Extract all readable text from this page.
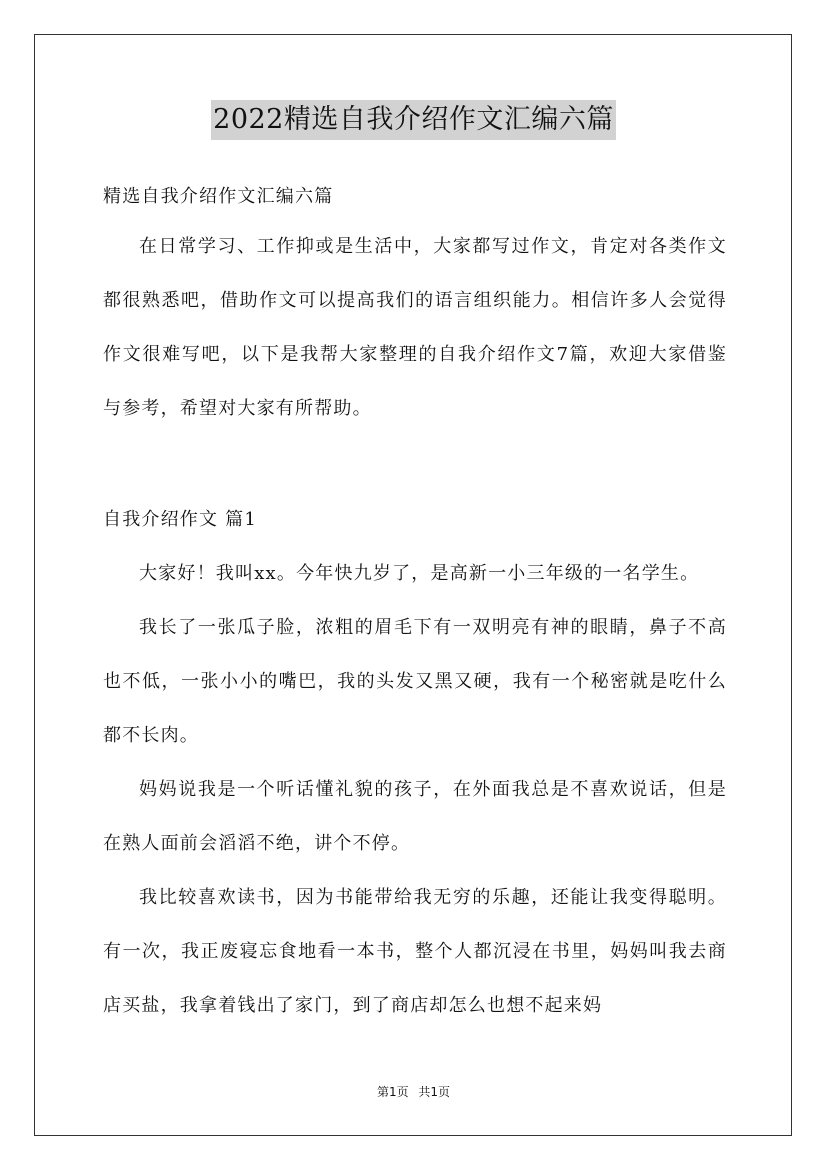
2022精选自我介绍作文汇编六篇

精选自我介绍作文汇编六篇

在日常学习、工作抑或是生活中，大家都写过作文，肯定对各类作文都很熟悉吧，借助作文可以提高我们的语言组织能力。相信许多人会觉得作文很难写吧，以下是我帮大家整理的自我介绍作文7篇，欢迎大家借鉴与参考，希望对大家有所帮助。

自我介绍作文 篇1

大家好！我叫xx。今年快九岁了，是高新一小三年级的一名学生。

我长了一张瓜子脸，浓粗的眉毛下有一双明亮有神的眼睛，鼻子不高也不低，一张小小的嘴巴，我的头发又黑又硬，我有一个秘密就是吃什么都不长肉。

妈妈说我是一个听话懂礼貌的孩子，在外面我总是不喜欢说话，但是在熟人面前会滔滔不绝，讲个不停。

我比较喜欢读书，因为书能带给我无穷的乐趣，还能让我变得聪明。有一次，我正废寝忘食地看一本书，整个人都沉浸在书里，妈妈叫我去商店买盐，我拿着钱出了家门，到了商店却怎么也想不起来妈

第1页 共1页
